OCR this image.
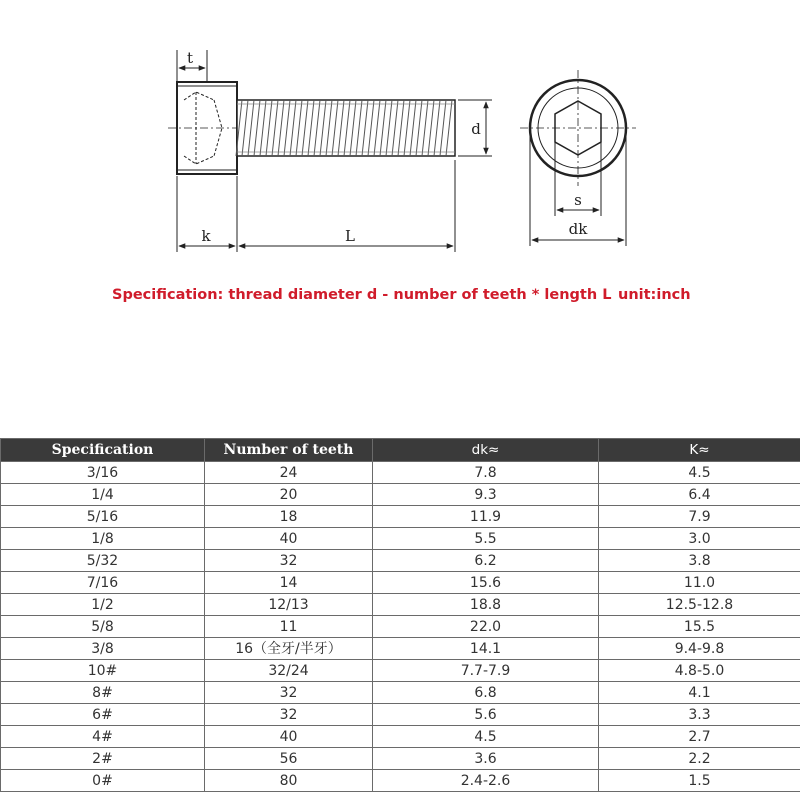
t
d
k	L
s
dk
Specification: thread diameter d - number of teeth * length L unit:inch
Specification	Number of teeth	dk≈	K≈
3/16	24	7.8	4.5
1/4	20	9.3	6.4
5/16	18	11.9	7.9
1/8	40	5.5	3.0
5/32	32	6.2	3.8
7/16	14	15.6	11.0
1/2	12/13	18.8	12.5-12.8
5/8	11	22.0	15.5
3/8	16（全牙/半牙）	14.1	9.4-9.8
10#	32/24	7.7-7.9	4.8-5.0
8#	32	6.8	4.1
6#	32	5.6	3.3
4#	40	4.5	2.7
2#	56	3.6	2.2
0#	80	2.4-2.6	1.5
